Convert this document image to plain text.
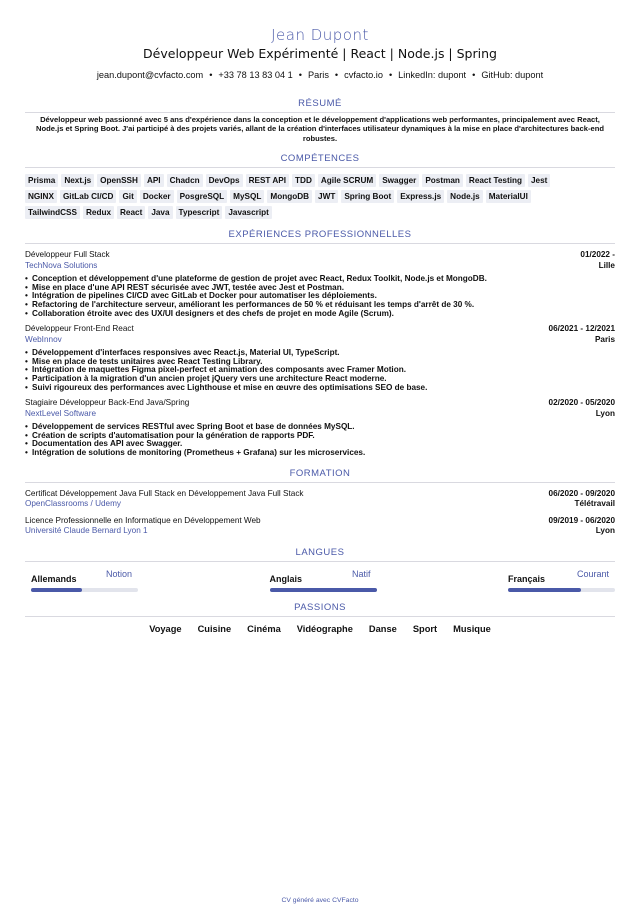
Jean Dupont
Développeur Web Expérimenté | React | Node.js | Spring
jean.dupont@cvfacto.com • +33 78 13 83 04 1 • Paris • cvfacto.io • LinkedIn: dupont • GitHub: dupont
RÉSUMÉ
Développeur web passionné avec 5 ans d'expérience dans la conception et le développement d'applications web performantes, principalement avec React, Node.js et Spring Boot. J'ai participé à des projets variés, allant de la création d'interfaces utilisateur dynamiques à la mise en place d'architectures back-end robustes.
COMPÉTENCES
Prisma	Next.js	OpenSSH	API	Chadcn	DevOps	REST API	TDD	Agile SCRUM	Swagger	Postman	React Testing	Jest
NGINX	GitLab CI/CD	Git	Docker	PosgreSQL	MySQL	MongoDB	JWT	Spring Boot	Express.js	Node.js	MaterialUI
TailwindCSS	Redux	React	Java	Typescript	Javascript
EXPÉRIENCES PROFESSIONNELLES
Développeur Full Stack	01/2022 -
TechNova Solutions	Lille
• Conception et développement d'une plateforme de gestion de projet avec React, Redux Toolkit, Node.js et MongoDB.
• Mise en place d'une API REST sécurisée avec JWT, testée avec Jest et Postman.
• Intégration de pipelines CI/CD avec GitLab et Docker pour automatiser les déploiements.
• Refactoring de l'architecture serveur, améliorant les performances de 50 % et réduisant les temps d'arrêt de 30 %.
• Collaboration étroite avec des UX/UI designers et des chefs de projet en mode Agile (Scrum).
Développeur Front-End React	06/2021 - 12/2021
WebInnov	Paris
• Développement d'interfaces responsives avec React.js, Material UI, TypeScript.
• Mise en place de tests unitaires avec React Testing Library.
• Intégration de maquettes Figma pixel-perfect et animation des composants avec Framer Motion.
• Participation à la migration d'un ancien projet jQuery vers une architecture React moderne.
• Suivi rigoureux des performances avec Lighthouse et mise en œuvre des optimisations SEO de base.
Stagiaire Développeur Back-End Java/Spring	02/2020 - 05/2020
NextLevel Software	Lyon
• Développement de services RESTful avec Spring Boot et base de données MySQL.
• Création de scripts d'automatisation pour la génération de rapports PDF.
• Documentation des API avec Swagger.
• Intégration de solutions de monitoring (Prometheus + Grafana) sur les microservices.
FORMATION
Certificat Développement Java Full Stack en Développement Java Full Stack	06/2020 - 09/2020
OpenClassrooms / Udemy	Télétravail
Licence Professionnelle en Informatique en Développement Web	09/2019 - 06/2020
Université Claude Bernard Lyon 1	Lyon
LANGUES
Allemands	Notion	Anglais	Natif	Français	Courant
PASSIONS
Voyage Cuisine Cinéma Vidéographe Danse Sport Musique
CV généré avec CVFacto
